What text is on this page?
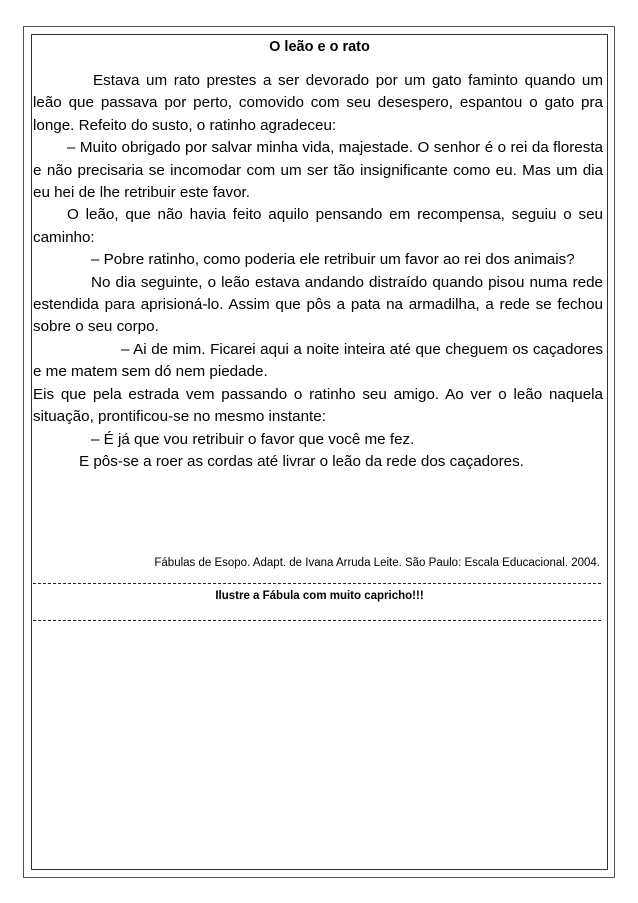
O leão e o rato

Estava um rato prestes a ser devorado por um gato faminto quando um leão que passava por perto, comovido com seu desespero, espantou o gato pra longe. Refeito do susto, o ratinho agradeceu:

– Muito obrigado por salvar minha vida, majestade. O senhor é o rei da floresta e não precisaria se incomodar com um ser tão insignificante como eu. Mas um dia eu hei de lhe retribuir este favor.

O leão, que não havia feito aquilo pensando em recompensa, seguiu o seu caminho:

– Pobre ratinho, como poderia ele retribuir um favor ao rei dos animais?

No dia seguinte, o leão estava andando distraído quando pisou numa rede estendida para aprisioná-lo. Assim que pôs a pata na armadilha, a rede se fechou sobre o seu corpo.

– Ai de mim. Ficarei aqui a noite inteira até que cheguem os caçadores e me matem sem dó nem piedade.

Eis que pela estrada vem passando o ratinho seu amigo. Ao ver o leão naquela situação, prontificou-se no mesmo instante:

– É já que vou retribuir o favor que você me fez.

E pôs-se a roer as cordas até livrar o leão da rede dos caçadores.

Fábulas de Esopo. Adapt. de Ivana Arruda Leite. São Paulo: Escala Educacional. 2004.
Ilustre a Fábula com muito capricho!!!
